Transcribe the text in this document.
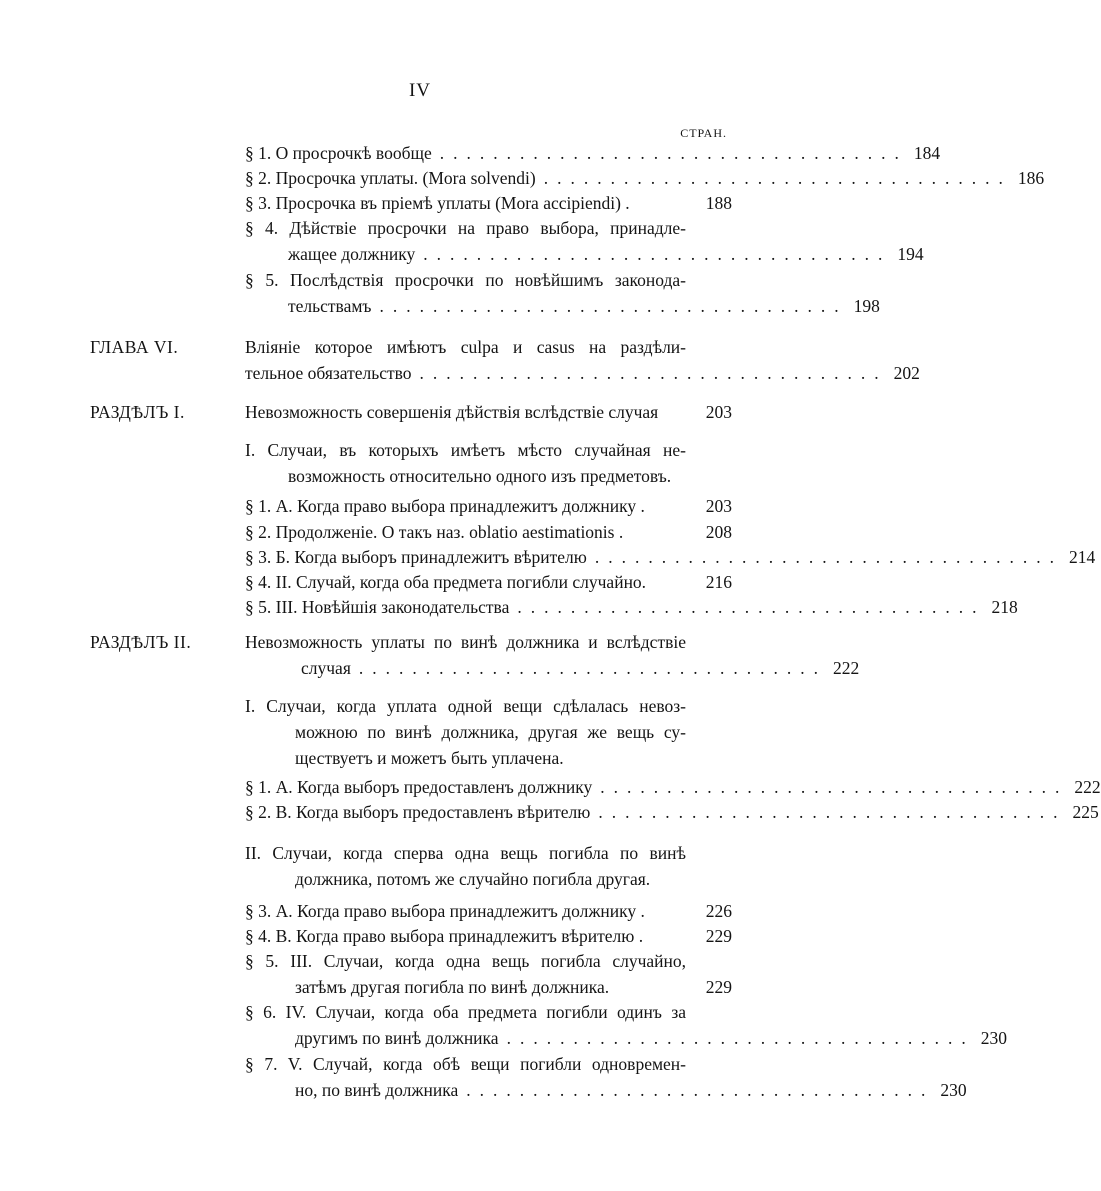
IV
СТРАН.
§ 1. О просрочкѣ вообще ................................... 184
§ 2. Просрочка уплаты. (Mora solvendi) ................................... 186
§ 3. Просрочка въ пріемѣ уплаты (Mora accipiendi) .	188
§ 4. Дѣйствіе просрочки на право выбора, принадле-
жащее должнику ................................... 194
§ 5. Послѣдствія просрочки по новѣйшимъ законода-
тельствамъ ................................... 198
ГЛАВА VI.	Вліяніе которое имѣютъ culpa и casus на раздѣли-
тельное обязательство ................................... 202
РАЗДѢЛЪ I.	Невозможность совершенія дѣйствія вслѣдствіе случая	203
I. Случаи, въ которыхъ имѣетъ мѣсто случайная не-
возможность относительно одного изъ предметовъ.
§ 1. А. Когда право выбора принадлежитъ должнику .	203
§ 2. Продолженіе. О такъ наз. oblatio aestimationis .	208
§ 3. Б. Когда выборъ принадлежитъ вѣрителю ................................... 214
§ 4. II. Случай, когда оба предмета погибли случайно.	216
§ 5. III. Новѣйшія законодательства ................................... 218
РАЗДѢЛЪ II.	Невозможность уплаты по винѣ должника и вслѣдствіе
случая ................................... 222
I. Случаи, когда уплата одной вещи сдѣлалась невоз-
можною по винѣ должника, другая же вещь су-
ществуетъ и можетъ быть уплачена.
§ 1. А. Когда выборъ предоставленъ должнику ................................... 222
§ 2. В. Когда выборъ предоставленъ вѣрителю ................................... 225
II. Случаи, когда сперва одна вещь погибла по винѣ
должника, потомъ же случайно погибла другая.
§ 3. А. Когда право выбора принадлежитъ должнику .	226
§ 4. В. Когда право выбора принадлежитъ вѣрителю .	229
§ 5. III. Случаи, когда одна вещь погибла случайно,
затѣмъ другая погибла по винѣ должника.	229
§ 6. IV. Случаи, когда оба предмета погибли одинъ за
другимъ по винѣ должника ................................... 230
§ 7. V. Случай, когда обѣ вещи погибли одновремен-
но, по винѣ должника ................................... 230
